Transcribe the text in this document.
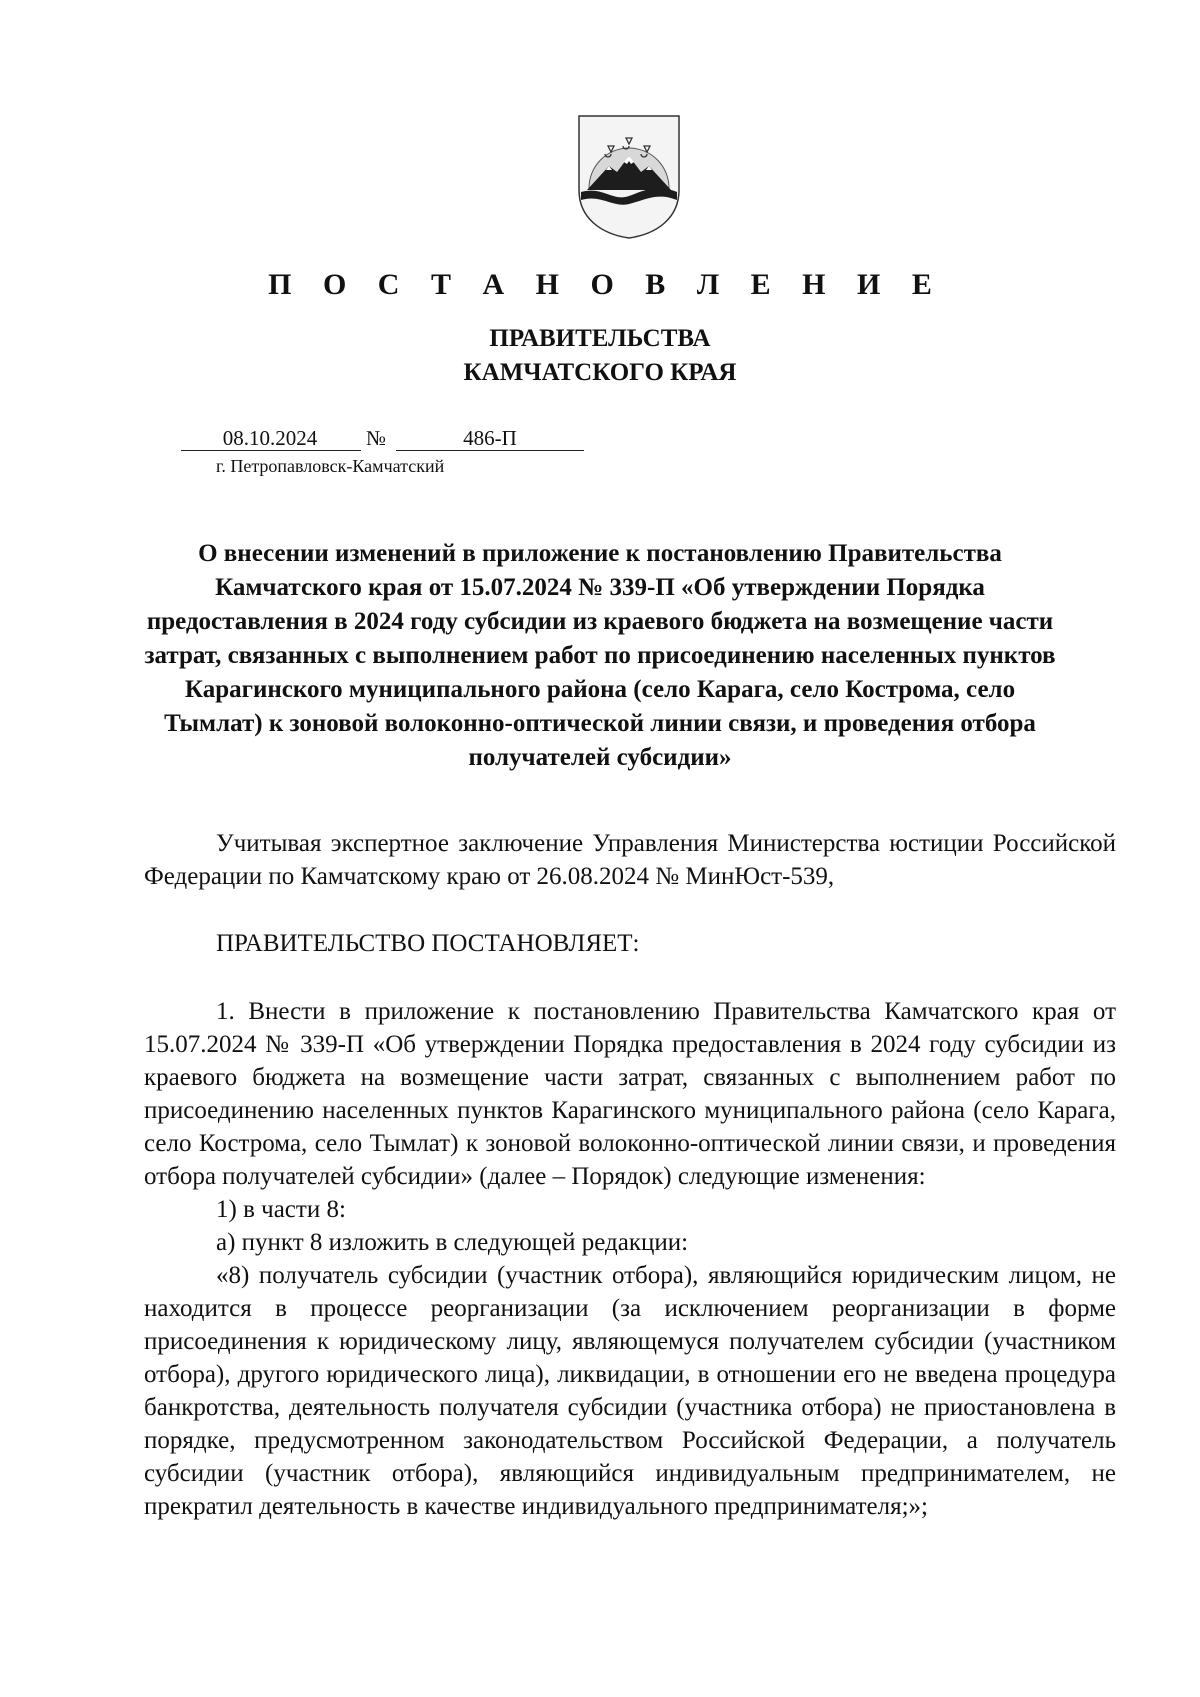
П О С Т А Н О В Л Е Н И Е
ПРАВИТЕЛЬСТВА
КАМЧАТСКОГО КРАЯ
08.10.2024	№	486-П
г. Петропавловск-Камчатский
О внесении изменений в приложение к постановлению Правительства Камчатского края от 15.07.2024 № 339-П «Об утверждении Порядка предоставления в 2024 году субсидии из краевого бюджета на возмещение части затрат, связанных с выполнением работ по присоединению населенных пунктов Карагинского муниципального района (село Карага, село Кострома, село Тымлат) к зоновой волоконно-оптической линии связи, и проведения отбора получателей субсидии»

Учитывая экспертное заключение Управления Министерства юстиции Российской Федерации по Камчатскому краю от 26.08.2024 № МинЮст-539,

ПРАВИТЕЛЬСТВО ПОСТАНОВЛЯЕТ:

1. Внести в приложение к постановлению Правительства Камчатского края от 15.07.2024 № 339-П «Об утверждении Порядка предоставления в 2024 году субсидии из краевого бюджета на возмещение части затрат, связанных с выполнением работ по присоединению населенных пунктов Карагинского муниципального района (село Карага, село Кострома, село Тымлат) к зоновой волоконно-оптической линии связи, и проведения отбора получателей субсидии» (далее – Порядок) следующие изменения:

1) в части 8:

а) пункт 8 изложить в следующей редакции:

«8) получатель субсидии (участник отбора), являющийся юридическим лицом, не находится в процессе реорганизации (за исключением реорганизации в форме присоединения к юридическому лицу, являющемуся получателем субсидии (участником отбора), другого юридического лица), ликвидации, в отношении его не введена процедура банкротства, деятельность получателя субсидии (участника отбора) не приостановлена в порядке, предусмотренном законодательством Российской Федерации, а получатель субсидии (участник отбора), являющийся индивидуальным предпринимателем, не прекратил деятельность в качестве индивидуального предпринимателя;»;
